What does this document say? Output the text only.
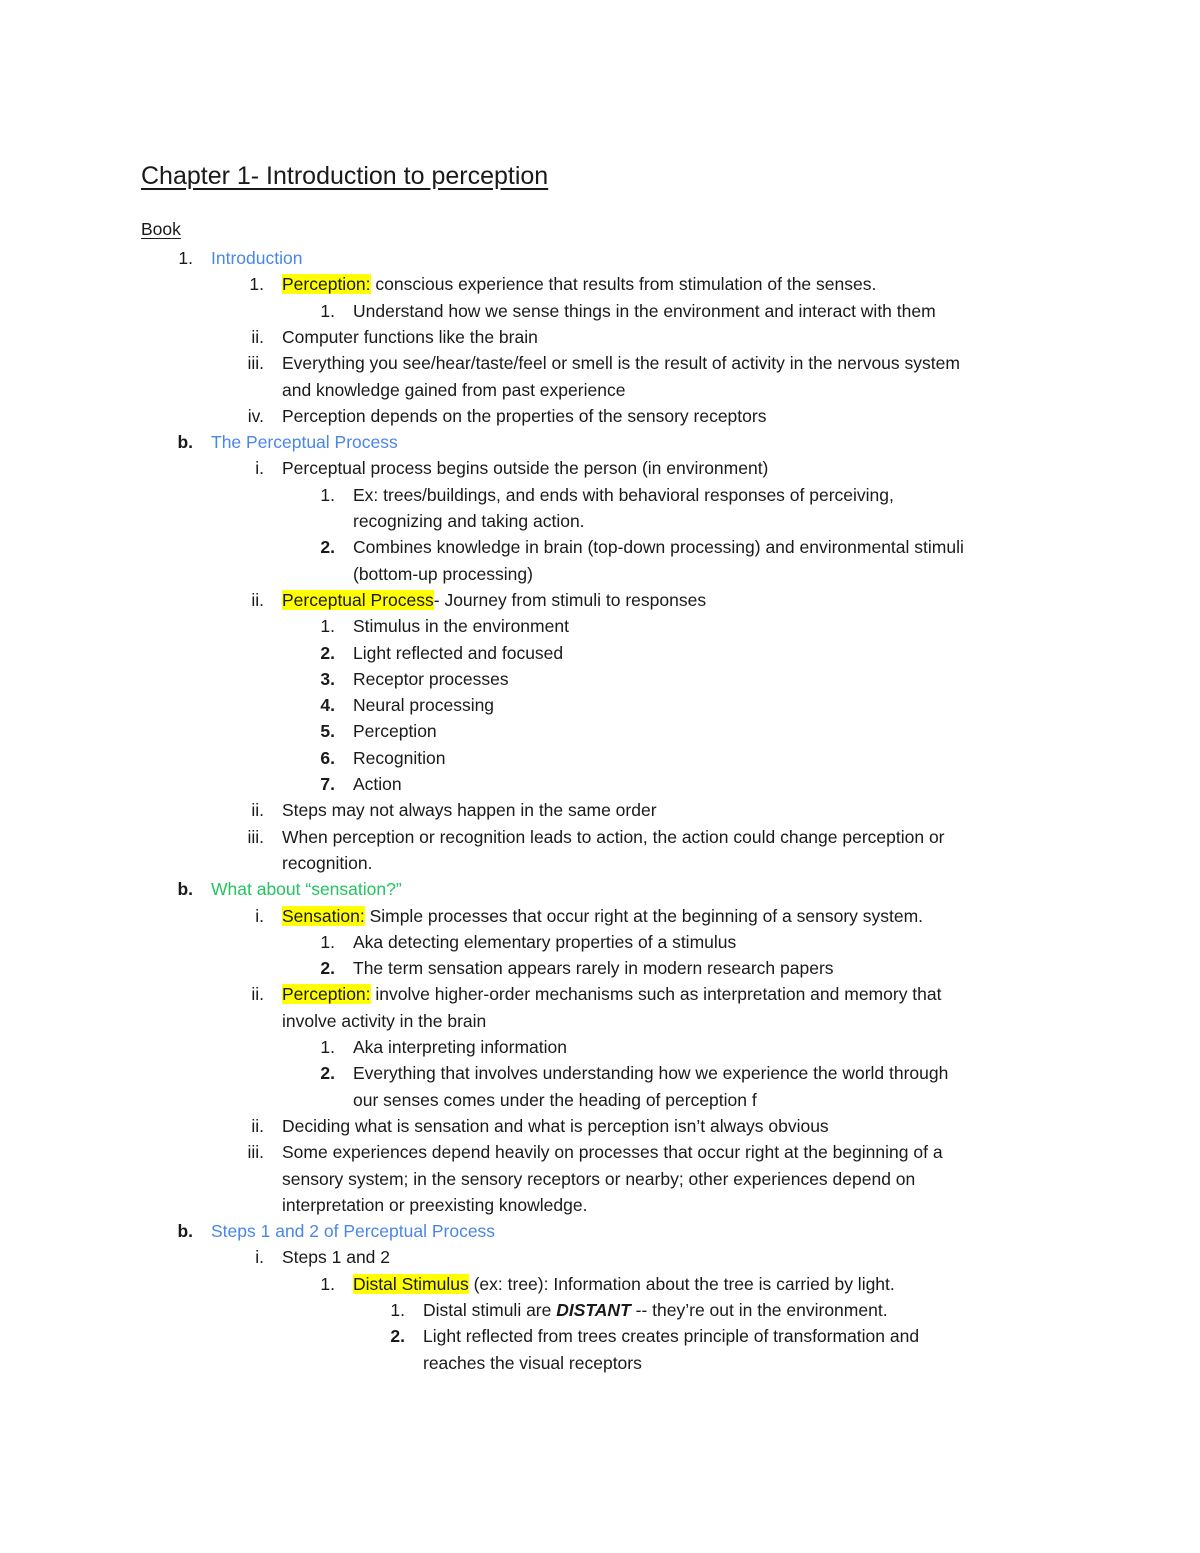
Chapter 1- Introduction to perception
Book
1. Introduction
1. Perception: conscious experience that results from stimulation of the senses.
1. Understand how we sense things in the environment and interact with them
ii. Computer functions like the brain
iii. Everything you see/hear/taste/feel or smell is the result of activity in the nervous system
and knowledge gained from past experience
iv. Perception depends on the properties of the sensory receptors
b. The Perceptual Process
i. Perceptual process begins outside the person (in environment)
1. Ex: trees/buildings, and ends with behavioral responses of perceiving,
recognizing and taking action.
2. Combines knowledge in brain (top-down processing) and environmental stimuli
(bottom-up processing)
ii. Perceptual Process- Journey from stimuli to responses
1. Stimulus in the environment
2. Light reflected and focused
3. Receptor processes
4. Neural processing
5. Perception
6. Recognition
7. Action
ii. Steps may not always happen in the same order
iii. When perception or recognition leads to action, the action could change perception or
recognition.
b. What about “sensation?”
i. Sensation: Simple processes that occur right at the beginning of a sensory system.
1. Aka detecting elementary properties of a stimulus
2. The term sensation appears rarely in modern research papers
ii. Perception: involve higher-order mechanisms such as interpretation and memory that
involve activity in the brain
1. Aka interpreting information
2. Everything that involves understanding how we experience the world through
our senses comes under the heading of perception f
ii. Deciding what is sensation and what is perception isn’t always obvious
iii. Some experiences depend heavily on processes that occur right at the beginning of a
sensory system; in the sensory receptors or nearby; other experiences depend on
interpretation or preexisting knowledge.
b. Steps 1 and 2 of Perceptual Process
i. Steps 1 and 2
1. Distal Stimulus (ex: tree): Information about the tree is carried by light.
1. Distal stimuli are DISTANT -- they’re out in the environment.
2. Light reflected from trees creates principle of transformation and
reaches the visual receptors
